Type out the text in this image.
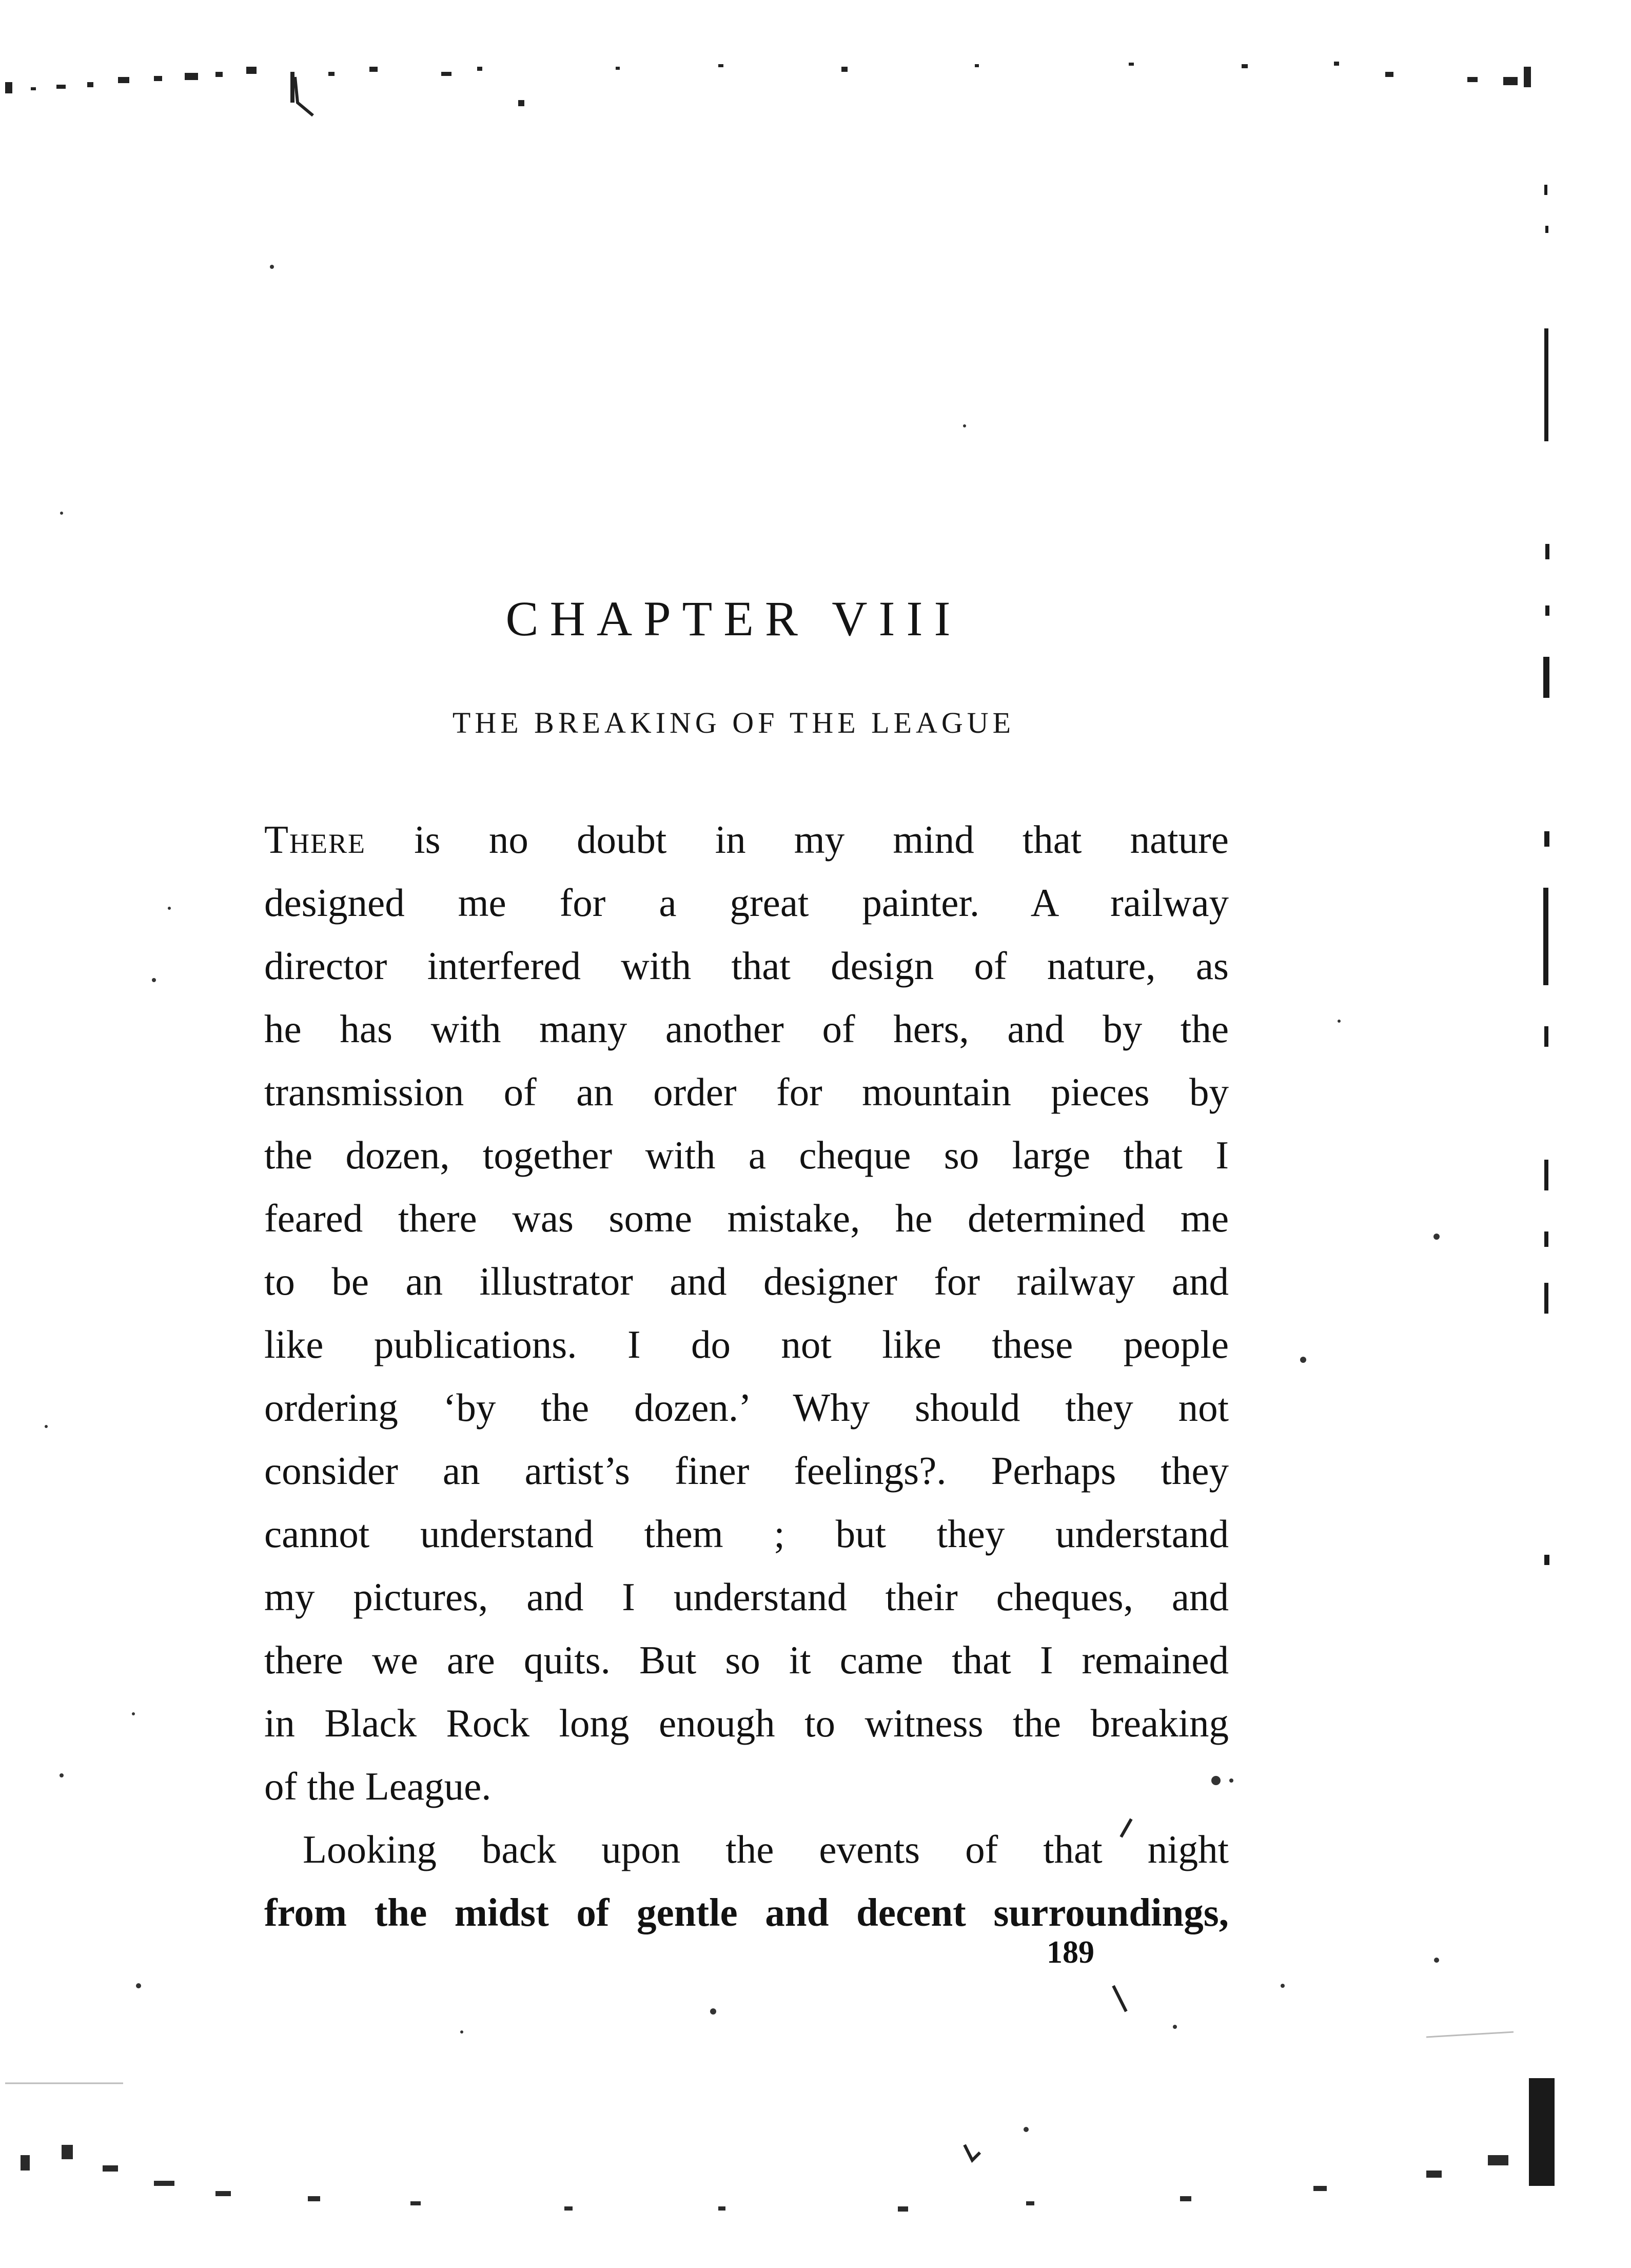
CHAPTER VIII
THE BREAKING OF THE LEAGUE
There is no doubt in my mind that nature
designed me for a great painter. A railway
director interfered with that design of nature, as
he has with many another of hers, and by the
transmission of an order for mountain pieces by
the dozen, together with a cheque so large that I
feared there was some mistake, he determined me
to be an illustrator and designer for railway and
like publications. I do not like these people
ordering ‘by the dozen.’ Why should they not
consider an artist’s finer feelings?. Perhaps they
cannot understand them ; but they understand
my pictures, and I understand their cheques, and
there we are quits. But so it came that I remained
in Black Rock long enough to witness the breaking
of the League.
Looking back upon the events of that night
from the midst of gentle and decent surroundings,
189
